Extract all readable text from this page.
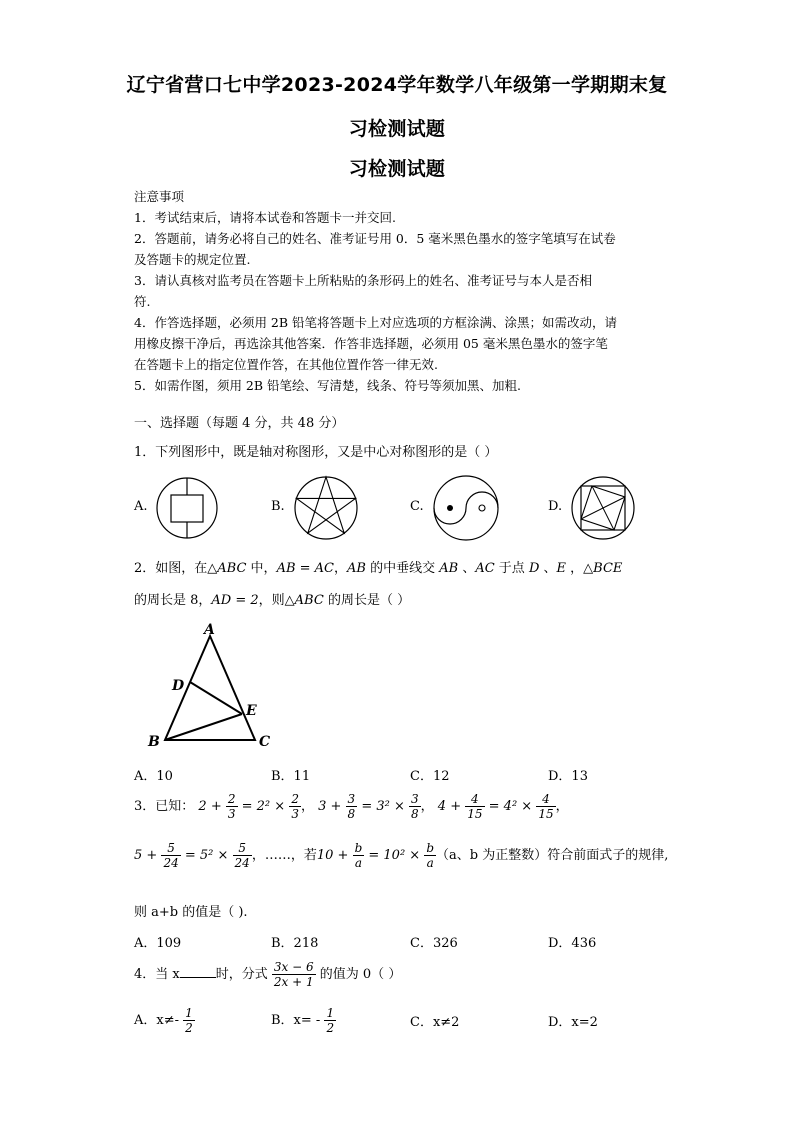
辽宁省营口七中学2023-2024学年数学八年级第一学期期末复
习检测试题
习检测试题
注意事项
1．考试结束后，请将本试卷和答题卡一并交回.
2．答题前，请务必将自己的姓名、准考证号用 0．5 毫米黑色墨水的签字笔填写在试卷
及答题卡的规定位置.
3．请认真核对监考员在答题卡上所粘贴的条形码上的姓名、准考证号与本人是否相
符.
4．作答选择题，必须用 2B 铅笔将答题卡上对应选项的方框涂满、涂黑；如需改动，请
用橡皮擦干净后，再选涂其他答案．作答非选择题，必须用 05 毫米黑色墨水的签字笔
在答题卡上的指定位置作答，在其他位置作答一律无效.
5．如需作图，须用 2B 铅笔绘、写清楚，线条、符号等须加黑、加粗.
一、选择题（每题 4 分，共 48 分）
1．下列图形中，既是轴对称图形，又是中心对称图形的是（ ）
A.	B.	C.	D.
2．如图，在△ABC 中，AB = AC，AB 的中垂线交 AB 、AC 于点 D 、E ，△BCE
的周长是 8，AD = 2，则△ABC 的周长是（ ）
A
D
E
B	C
A．10	B．11	C．12	D．13
3．已知： $2 + \frac{2}{3} = 2^2 \times \frac{2}{3}$ ， $3 + \frac{3}{8} = 3^2 \times \frac{3}{8}$ ， $4 + \frac{4}{15} = 4^2 \times \frac{4}{15}$ ，
$5 + \frac{5}{24} = 5^2 \times \frac{5}{24}$ ，……，若$10 + \frac{b}{a} = 10^2 \times \frac{b}{a} (a$、b 为正整数）符合前面式子的规律,
则 a+b 的值是（ ).
A．109	B．218	C．326	D．436
4．当 x	时，分式 $\frac{3x - 6}{2x + 1}$ 的值为 0（ ）
A．$x\ne- \frac{1}{2}$	B．$x= - \frac{1}{2}$	C．x≠2	D．x=2
